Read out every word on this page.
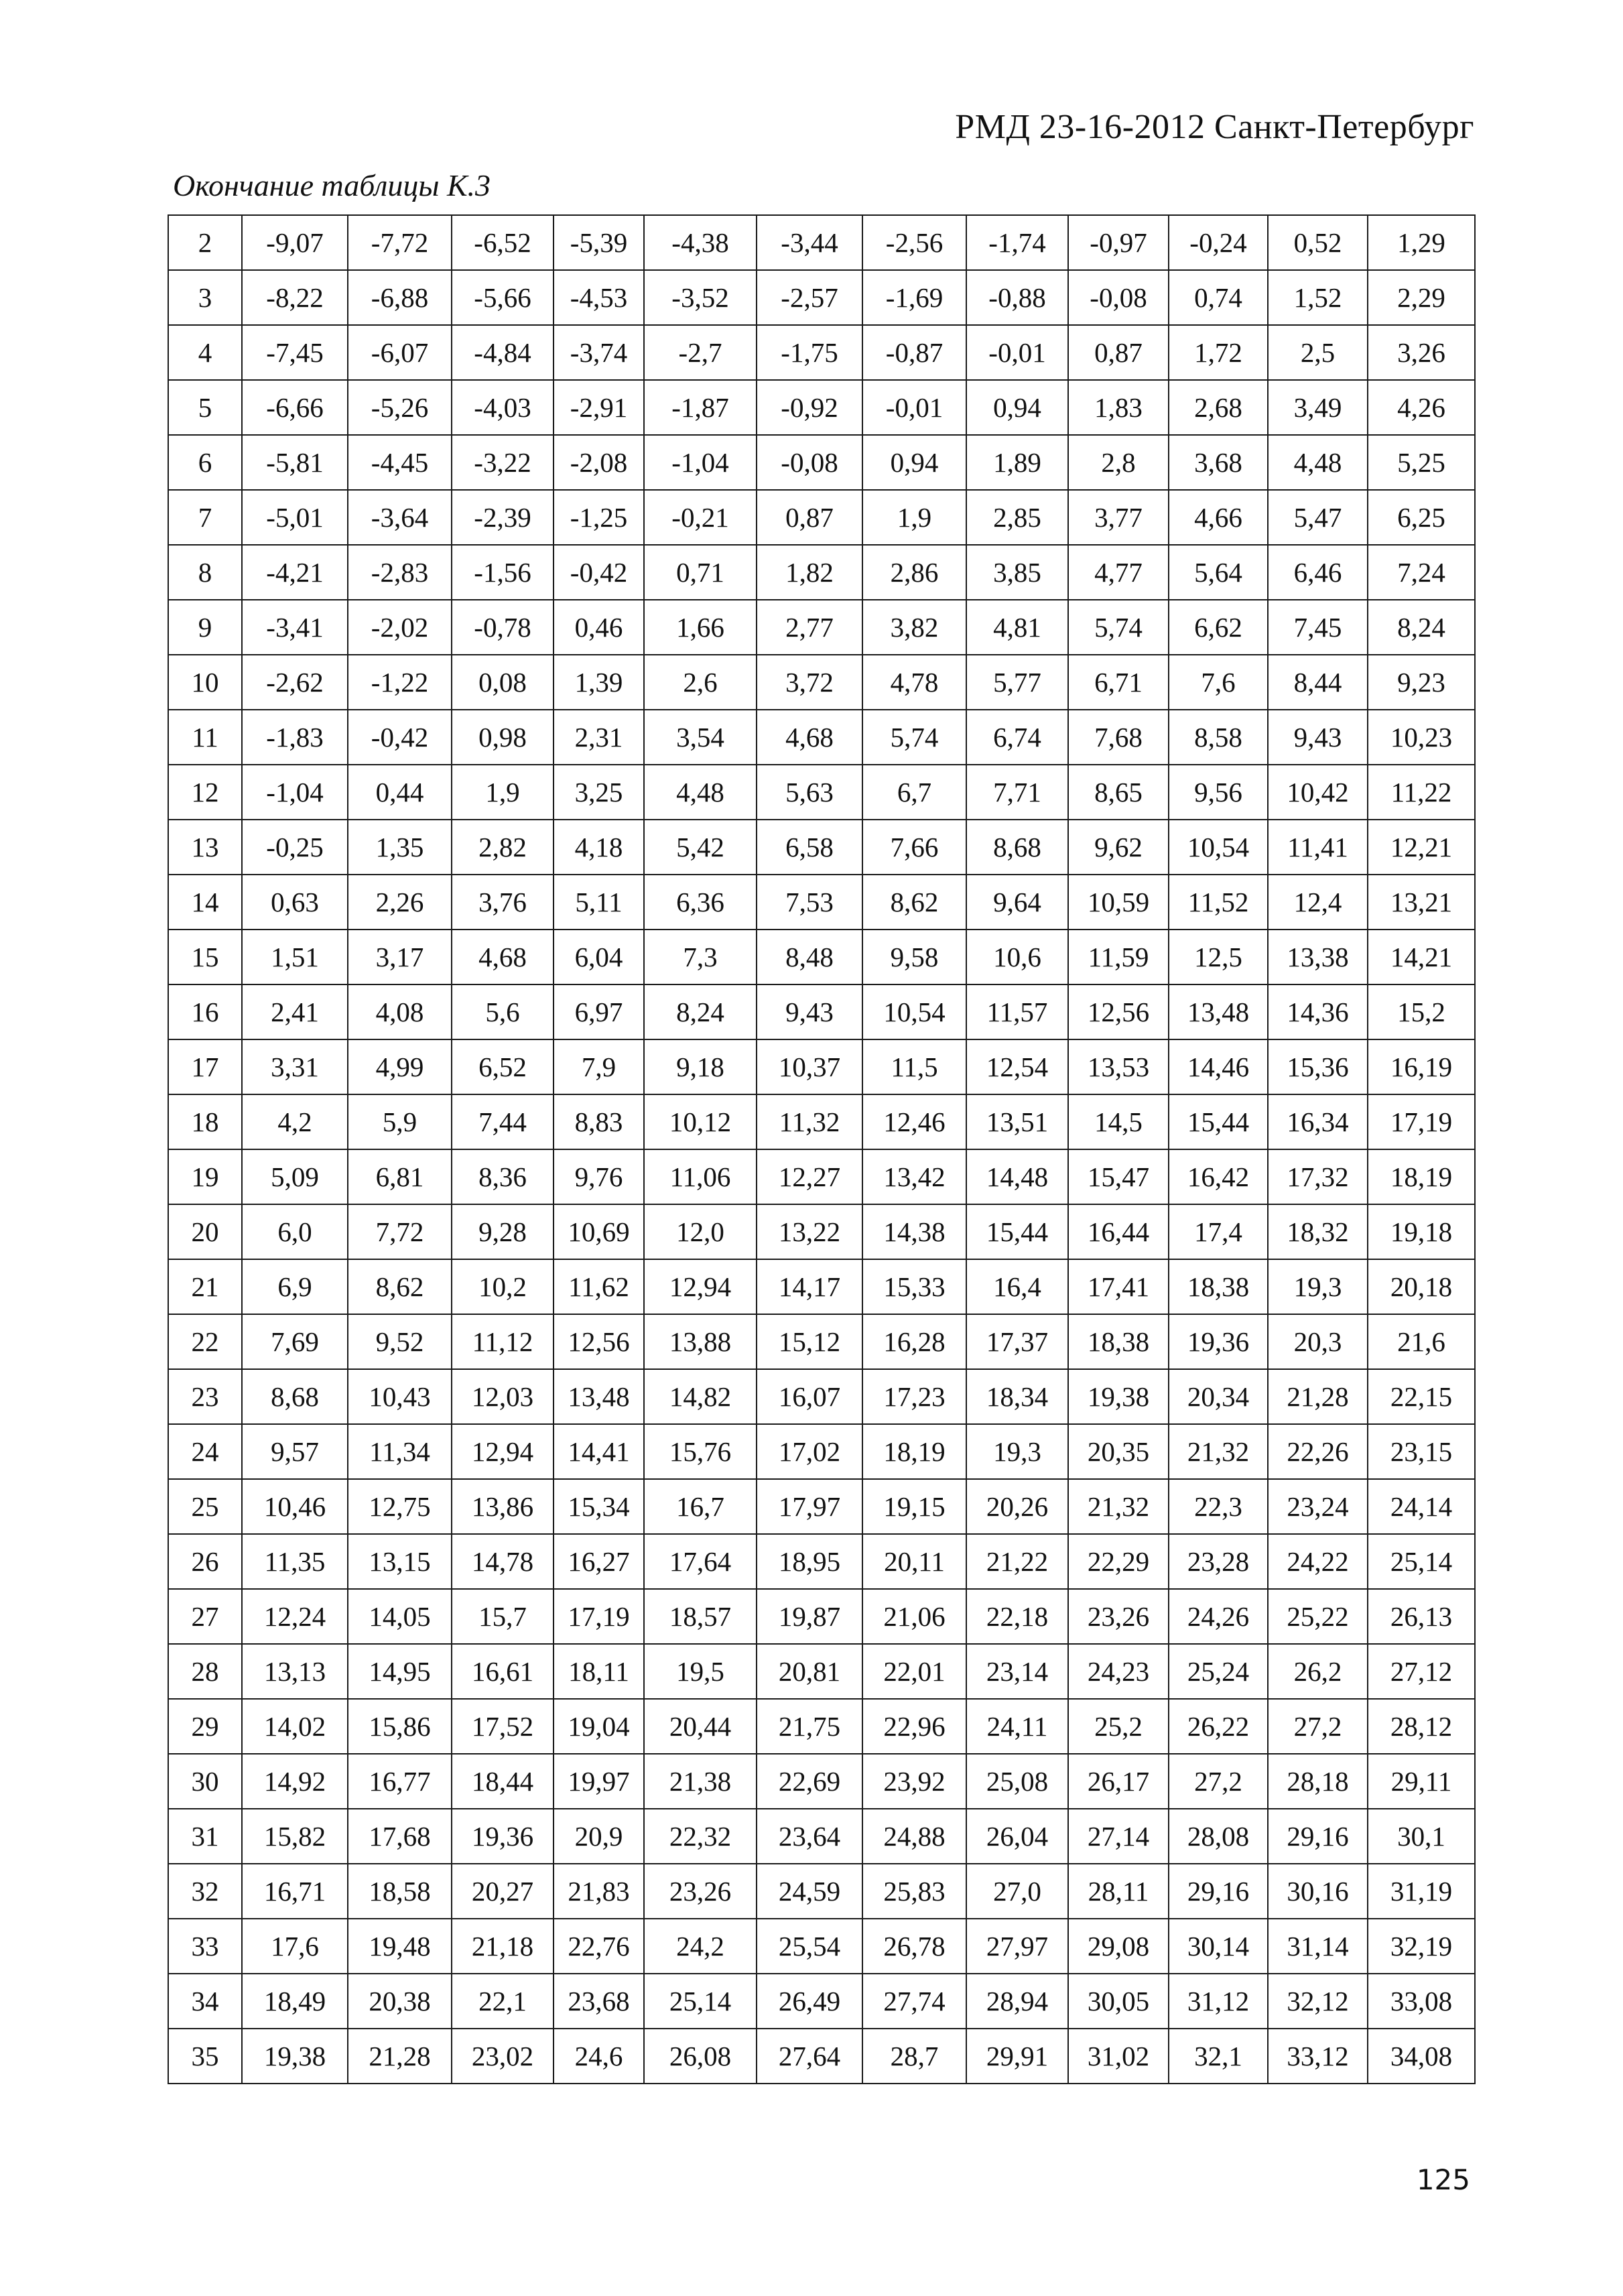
РМД 23-16-2012 Санкт-Петербург
Окончание таблицы К.3
2	-9,07	-7,72	-6,52	-5,39	-4,38	-3,44	-2,56	-1,74	-0,97	-0,24	0,52	1,29
3	-8,22	-6,88	-5,66	-4,53	-3,52	-2,57	-1,69	-0,88	-0,08	0,74	1,52	2,29
4	-7,45	-6,07	-4,84	-3,74	-2,7	-1,75	-0,87	-0,01	0,87	1,72	2,5	3,26
5	-6,66	-5,26	-4,03	-2,91	-1,87	-0,92	-0,01	0,94	1,83	2,68	3,49	4,26
6	-5,81	-4,45	-3,22	-2,08	-1,04	-0,08	0,94	1,89	2,8	3,68	4,48	5,25
7	-5,01	-3,64	-2,39	-1,25	-0,21	0,87	1,9	2,85	3,77	4,66	5,47	6,25
8	-4,21	-2,83	-1,56	-0,42	0,71	1,82	2,86	3,85	4,77	5,64	6,46	7,24
9	-3,41	-2,02	-0,78	0,46	1,66	2,77	3,82	4,81	5,74	6,62	7,45	8,24
10	-2,62	-1,22	0,08	1,39	2,6	3,72	4,78	5,77	6,71	7,6	8,44	9,23
11	-1,83	-0,42	0,98	2,31	3,54	4,68	5,74	6,74	7,68	8,58	9,43	10,23
12	-1,04	0,44	1,9	3,25	4,48	5,63	6,7	7,71	8,65	9,56	10,42	11,22
13	-0,25	1,35	2,82	4,18	5,42	6,58	7,66	8,68	9,62	10,54	11,41	12,21
14	0,63	2,26	3,76	5,11	6,36	7,53	8,62	9,64	10,59	11,52	12,4	13,21
15	1,51	3,17	4,68	6,04	7,3	8,48	9,58	10,6	11,59	12,5	13,38	14,21
16	2,41	4,08	5,6	6,97	8,24	9,43	10,54	11,57	12,56	13,48	14,36	15,2
17	3,31	4,99	6,52	7,9	9,18	10,37	11,5	12,54	13,53	14,46	15,36	16,19
18	4,2	5,9	7,44	8,83	10,12	11,32	12,46	13,51	14,5	15,44	16,34	17,19
19	5,09	6,81	8,36	9,76	11,06	12,27	13,42	14,48	15,47	16,42	17,32	18,19
20	6,0	7,72	9,28	10,69	12,0	13,22	14,38	15,44	16,44	17,4	18,32	19,18
21	6,9	8,62	10,2	11,62	12,94	14,17	15,33	16,4	17,41	18,38	19,3	20,18
22	7,69	9,52	11,12	12,56	13,88	15,12	16,28	17,37	18,38	19,36	20,3	21,6
23	8,68	10,43	12,03	13,48	14,82	16,07	17,23	18,34	19,38	20,34	21,28	22,15
24	9,57	11,34	12,94	14,41	15,76	17,02	18,19	19,3	20,35	21,32	22,26	23,15
25	10,46	12,75	13,86	15,34	16,7	17,97	19,15	20,26	21,32	22,3	23,24	24,14
26	11,35	13,15	14,78	16,27	17,64	18,95	20,11	21,22	22,29	23,28	24,22	25,14
27	12,24	14,05	15,7	17,19	18,57	19,87	21,06	22,18	23,26	24,26	25,22	26,13
28	13,13	14,95	16,61	18,11	19,5	20,81	22,01	23,14	24,23	25,24	26,2	27,12
29	14,02	15,86	17,52	19,04	20,44	21,75	22,96	24,11	25,2	26,22	27,2	28,12
30	14,92	16,77	18,44	19,97	21,38	22,69	23,92	25,08	26,17	27,2	28,18	29,11
31	15,82	17,68	19,36	20,9	22,32	23,64	24,88	26,04	27,14	28,08	29,16	30,1
32	16,71	18,58	20,27	21,83	23,26	24,59	25,83	27,0	28,11	29,16	30,16	31,19
33	17,6	19,48	21,18	22,76	24,2	25,54	26,78	27,97	29,08	30,14	31,14	32,19
34	18,49	20,38	22,1	23,68	25,14	26,49	27,74	28,94	30,05	31,12	32,12	33,08
35	19,38	21,28	23,02	24,6	26,08	27,64	28,7	29,91	31,02	32,1	33,12	34,08
125
